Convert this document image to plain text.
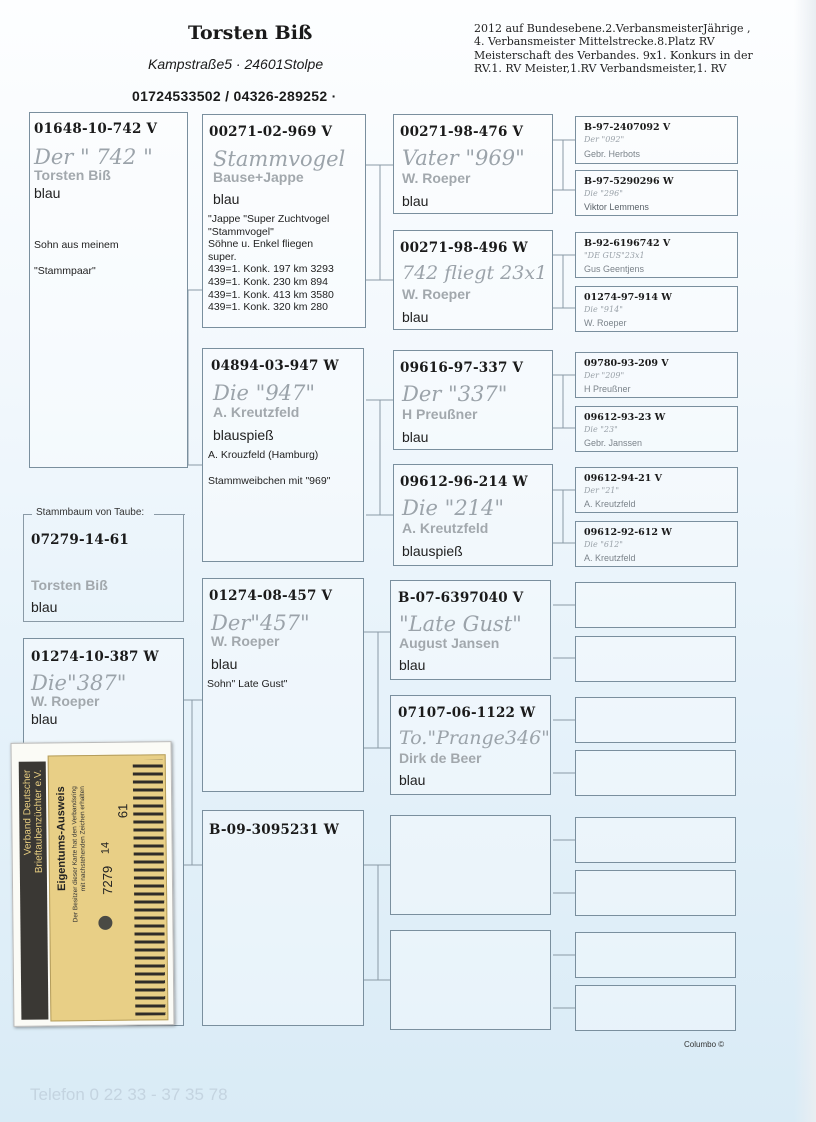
Torsten Biß
Kampstraße5 · 24601Stolpe
01724533502 / 04326-289252 ·
2012 auf Bundesebene.2.VerbansmeisterJährige , 4. Verbansmeister Mittelstrecke.8.Platz RV Meisterschaft des Verbandes. 9x1. Konkurs in der RV.1. RV Meister,1.RV Verbandsmeister,1. RV
01648-10-742 V
Der " 742 "
Torsten Biß
blau
Sohn aus meinem
"Stammpaar"
00271-02-969 V
Stammvogel
Bause+Jappe
blau
"Jappe "Super Zuchtvogel
"Stammvogel"
Söhne u. Enkel fliegen
super.
439=1. Konk. 197 km 3293
439=1. Konk. 230 km 894
439=1. Konk. 413 km 3580
439=1. Konk. 320 km 280
04894-03-947 W
Die "947"
A. Kreutzfeld
blauspieß
A. Krouzfeld (Hamburg)
Stammweibchen mit "969"
00271-98-476 V
Vater "969"
W. Roeper
blau
00271-98-496 W
742 fliegt 23x1
W. Roeper
blau
09616-97-337 V
Der "337"
H Preußner
blau
09612-96-214 W
Die "214"
A. Kreutzfeld
blauspieß
B-97-2407092 V
Der "092"
Gebr. Herbots
B-97-5290296 W
Die "296"
Viktor Lemmens
B-92-6196742 V
"DE GUS"23x1
Gus Geentjens
01274-97-914 W
Die "914"
W. Roeper
09780-93-209 V
Der "209"
H Preußner
09612-93-23 W
Die "23"
Gebr. Janssen
09612-94-21 V
Der "21"
A. Kreutzfeld
09612-92-612 W
Die "612"
A. Kreutzfeld
Stammbaum von Taube:
07279-14-61
Torsten Biß
blau
01274-10-387 W
Die"387"
W. Roeper
blau
01274-08-457 V
Der"457"
W. Roeper
blau
Sohn" Late Gust"
B-09-3095231 W
B-07-6397040 V
"Late Gust"
August Jansen
blau
07107-06-1122 W
To."Prange346"
Dirk de Beer
blau
Verband Deutscher Brieftaubenzüchter e.V. Eigentums-Ausweis Der Besitzer dieser Karte hat den Verbandsring mit nachstehenden Zeichen erhalten 7279
14
61
Telefon 0 22 33 - 37 35 78
Columbo ©
